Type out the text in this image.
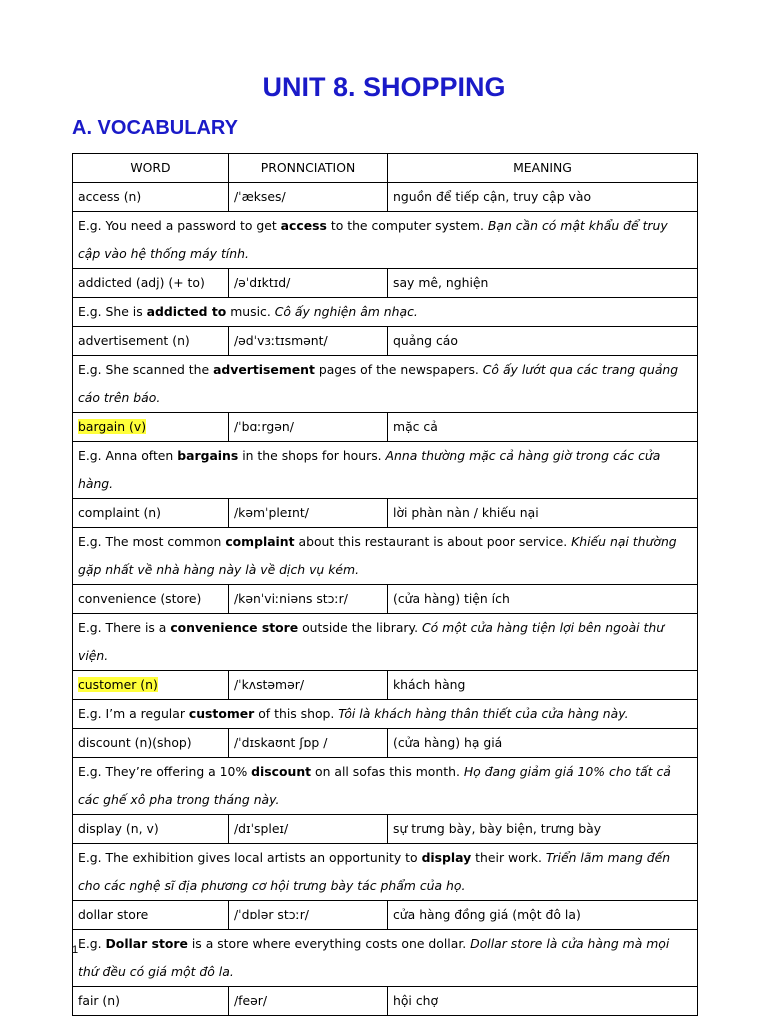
UNIT 8. SHOPPING
A. VOCABULARY
WORD	PRONNCIATION	MEANING
access (n)	/ˈækses/	nguồn để tiếp cận, truy cập vào
E.g. You need a password to get access to the computer system. Bạn cần có mật khẩu để truy cập vào hệ thống máy tính.		
addicted (adj) (+ to)	/əˈdɪktɪd/	say mê, nghiện
E.g. She is addicted to music. Cô ấy nghiện âm nhạc.		
advertisement (n)	/ədˈvɜːtɪsmənt/	quảng cáo
E.g. She scanned the advertisement pages of the newspapers. Cô ấy lướt qua các trang quảng cáo trên báo.		
bargain (v)	/ˈbɑːrgən/	mặc cả
E.g. Anna often bargains in the shops for hours. Anna thường mặc cả hàng giờ trong các cửa hàng.		
complaint (n)	/kəmˈpleɪnt/	lời phàn nàn / khiếu nại
E.g. The most common complaint about this restaurant is about poor service. Khiếu nại thường gặp nhất về nhà hàng này là về dịch vụ kém.		
convenience (store)	/kənˈviːniəns stɔːr/	(cửa hàng) tiện ích
E.g. There is a convenience store outside the library. Có một cửa hàng tiện lợi bên ngoài thư viện.		
customer (n)	/ˈkʌstəmər/	khách hàng
E.g. I’m a regular customer of this shop. Tôi là khách hàng thân thiết của cửa hàng này.		
discount (n)(shop)	/ˈdɪskaʊnt ʃɒp /	(cửa hàng) hạ giá
E.g. They’re offering a 10% discount on all sofas this month. Họ đang giảm giá 10% cho tất cả các ghế xô pha trong tháng này.		
display (n, v)	/dɪˈspleɪ/	sự trưng bày, bày biện, trưng bày
E.g. The exhibition gives local artists an opportunity to display their work. Triển lãm mang đến cho các nghệ sĩ địa phương cơ hội trưng bày tác phẩm của họ.		
dollar store	/ˈdɒlər stɔːr/	cửa hàng đồng giá (một đô la)
E.g. Dollar store is a store where everything costs one dollar. Dollar store là cửa hàng mà mọi thứ đều có giá một đô la.		
fair (n)	/feər/	hội chợ
1
